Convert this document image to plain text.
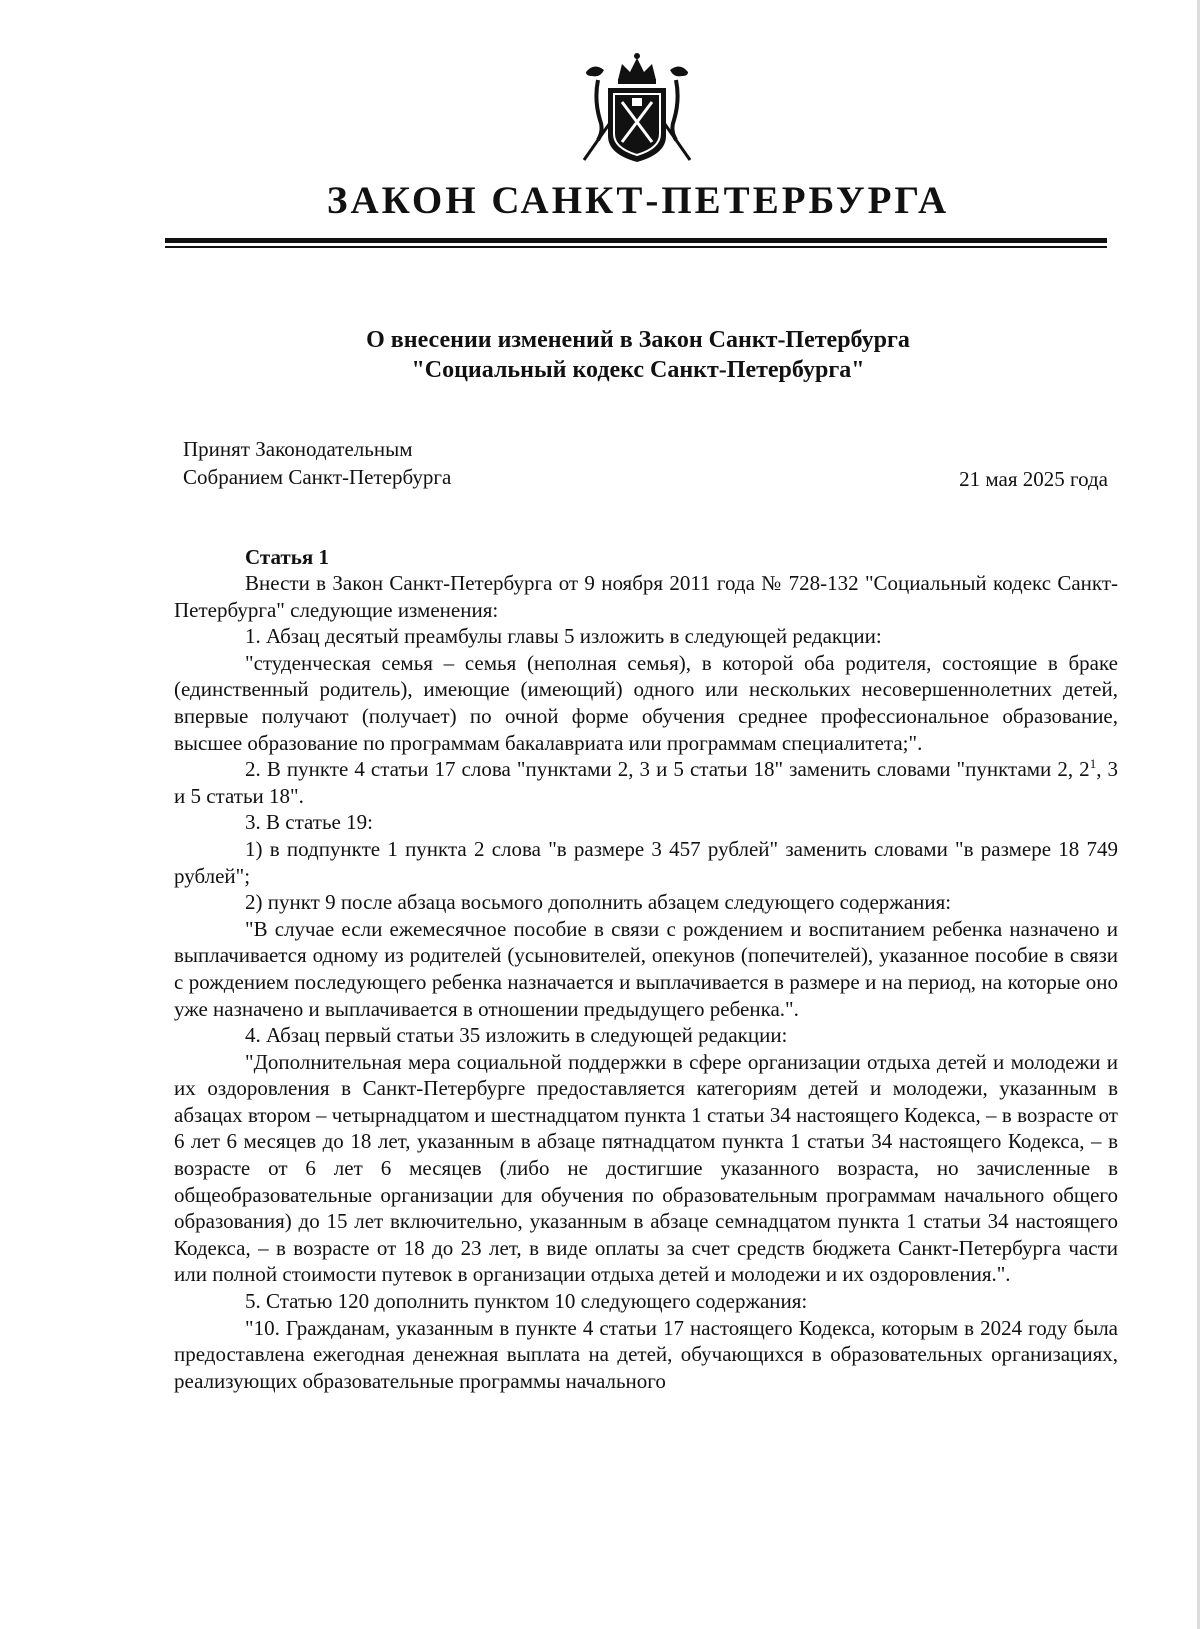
ЗАКОН САНКТ-ПЕТЕРБУРГА
О внесении изменений в Закон Санкт-Петербурга
"Социальный кодекс Санкт-Петербурга"
Принят Законодательным
Собранием Санкт-Петербурга	21 мая 2025 года
Статья 1

Внести в Закон Санкт-Петербурга от 9 ноября 2011 года № 728-132 "Социальный кодекс Санкт-Петербурга" следующие изменения:

1. Абзац десятый преамбулы главы 5 изложить в следующей редакции:

"студенческая семья – семья (неполная семья), в которой оба родителя, состоящие в браке (единственный родитель), имеющие (имеющий) одного или нескольких несовершеннолетних детей, впервые получают (получает) по очной форме обучения среднее профессиональное образование, высшее образование по программам бакалавриата или программам специалитета;".

2. В пункте 4 статьи 17 слова "пунктами 2, 3 и 5 статьи 18" заменить словами "пунктами 2, $2^1$, 3 и 5 статьи 18".

3. В статье 19:

1) в подпункте 1 пункта 2 слова "в размере 3 457 рублей" заменить словами "в размере 18 749 рублей";

2) пункт 9 после абзаца восьмого дополнить абзацем следующего содержания:

"В случае если ежемесячное пособие в связи с рождением и воспитанием ребенка назначено и выплачивается одному из родителей (усыновителей, опекунов (попечителей), указанное пособие в связи с рождением последующего ребенка назначается и выплачивается в размере и на период, на которые оно уже назначено и выплачивается в отношении предыдущего ребенка.".

4. Абзац первый статьи 35 изложить в следующей редакции:

"Дополнительная мера социальной поддержки в сфере организации отдыха детей и молодежи и их оздоровления в Санкт-Петербурге предоставляется категориям детей и молодежи, указанным в абзацах втором – четырнадцатом и шестнадцатом пункта 1 статьи 34 настоящего Кодекса, – в возрасте от 6 лет 6 месяцев до 18 лет, указанным в абзаце пятнадцатом пункта 1 статьи 34 настоящего Кодекса, – в возрасте от 6 лет 6 месяцев (либо не достигшие указанного возраста, но зачисленные в общеобразовательные организации для обучения по образовательным программам начального общего образования) до 15 лет включительно, указанным в абзаце семнадцатом пункта 1 статьи 34 настоящего Кодекса, – в возрасте от 18 до 23 лет, в виде оплаты за счет средств бюджета Санкт-Петербурга части или полной стоимости путевок в организации отдыха детей и молодежи и их оздоровления.".

5. Статью 120 дополнить пунктом 10 следующего содержания:

"10. Гражданам, указанным в пункте 4 статьи 17 настоящего Кодекса, которым в 2024 году была предоставлена ежегодная денежная выплата на детей, обучающихся в образовательных организациях, реализующих образовательные программы начального
